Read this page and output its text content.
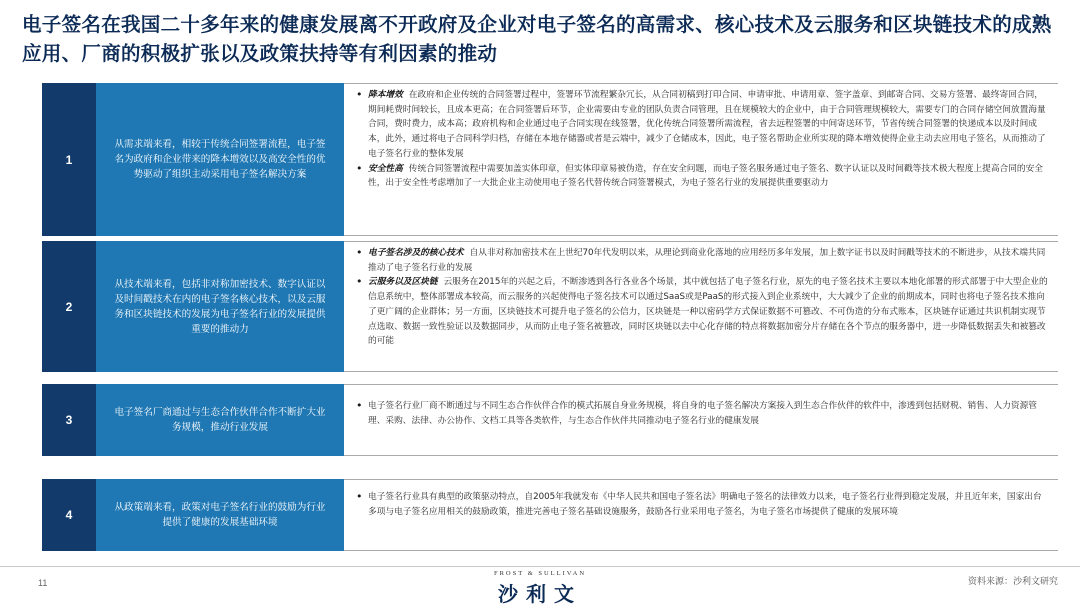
电子签名在我国二十多年来的健康发展离不开政府及企业对电子签名的高需求、核心技术及云服务和区块链技术的成熟应用、厂商的积极扩张以及政策扶持等有利因素的推动
1
从需求端来看，相较于传统合同签署流程，电子签名为政府和企业带来的降本增效以及高安全性的优势驱动了组织主动采用电子签名解决方案
• 降本增效 在政府和企业传统的合同签署过程中，签署环节流程繁杂冗长，从合同初稿到打印合同、申请审批、申请用章、签字盖章、到邮寄合同、交易方签署、最终寄回合同，期间耗费时间较长，且成本更高；在合同签署后环节，企业需要由专业的团队负责合同管理，且在规模较大的企业中，由于合同管理规模较大，需要专门的合同存储空间放置海量合同，费时费力，成本高；政府机构和企业通过电子合同实现在线签署，优化传统合同签署所需流程，省去远程签署的中间寄送环节，节省传统合同签署的快递成本以及时间成本，此外，通过将电子合同科学归档，存储在本地存储器或者是云端中，减少了仓储成本，因此，电子签名帮助企业所实现的降本增效使得企业主动去应用电子签名，从而推动了电子签名行业的整体发展
• 安全性高 传统合同签署流程中需要加盖实体印章，但实体印章易被伪造，存在安全问题，而电子签名服务通过电子签名、数字认证以及时间戳等技术极大程度上提高合同的安全性，出于安全性考虑增加了一大批企业主动使用电子签名代替传统合同签署模式，为电子签名行业的发展提供重要驱动力
2
从技术端来看，包括非对称加密技术、数字认证以及时间戳技术在内的电子签名核心技术，以及云服务和区块链技术的发展为电子签名行业的发展提供重要的推动力
• 电子签名涉及的核心技术 自从非对称加密技术在上世纪70年代发明以来，从理论到商业化落地的应用经历多年发展，加上数字证书以及时间戳等技术的不断进步，从技术端共同推动了电子签名行业的发展
• 云服务以及区块链 云服务在2015年的兴起之后，不断渗透到各行各业各个场景，其中就包括了电子签名行业，原先的电子签名技术主要以本地化部署的形式部署于中大型企业的信息系统中，整体部署成本较高，而云服务的兴起使得电子签名技术可以通过SaaS或是PaaS的形式接入到企业系统中，大大减少了企业的前期成本，同时也将电子签名技术推向了更广阔的企业群体；另一方面，区块链技术可提升电子签名的公信力，区块链是一种以密码学方式保证数据不可篡改、不可伪造的分布式账本，区块链存证通过共识机制实现节点选取、数据一致性验证以及数据同步，从而防止电子签名被篡改，同时区块链以去中心化存储的特点将数据加密分片存储在各个节点的服务器中，进一步降低数据丢失和被篡改的可能
3
电子签名厂商通过与生态合作伙伴合作不断扩大业务规模，推动行业发展
• 电子签名行业厂商不断通过与不同生态合作伙伴合作的模式拓展自身业务规模，将自身的电子签名解决方案接入到生态合作伙伴的软件中，渗透到包括财税、销售、人力资源管理、采购、法律、办公协作、文档工具等各类软件，与生态合作伙伴共同推动电子签名行业的健康发展
4
从政策端来看，政策对电子签名行业的鼓励为行业提供了健康的发展基础环境
• 电子签名行业具有典型的政策驱动特点，自2005年我就发布《中华人民共和国电子签名法》明确电子签名的法律效力以来，电子签名行业得到稳定发展，并且近年来，国家出台多项与电子签名应用相关的鼓励政策，推进完善电子签名基础设施服务，鼓励各行业采用电子签名，为电子签名市场提供了健康的发展环境
11
FROST & SULLIVAN
沙利文	资料来源：沙利文研究
